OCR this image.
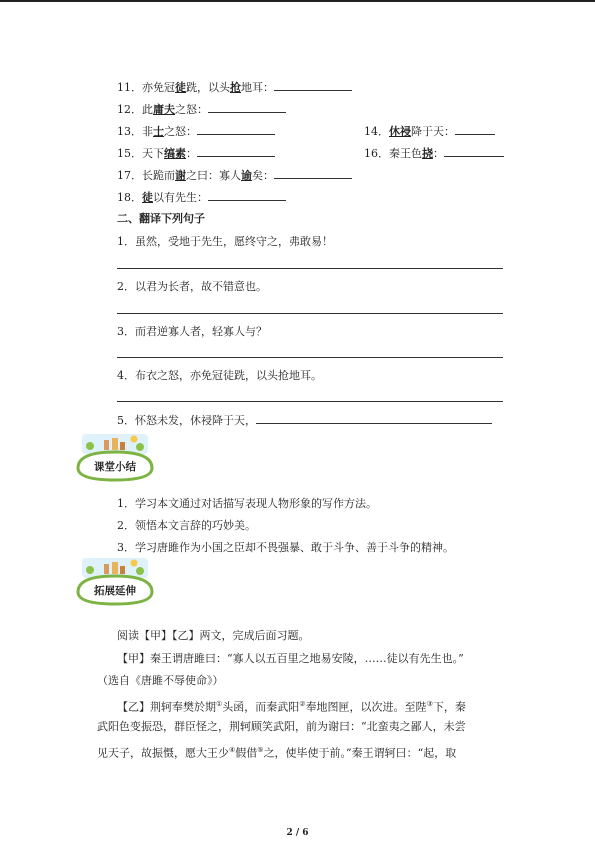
11．亦免冠徒跣，以头抢地耳：
12．此庸夫之怒：
13．非士之怒：	14．休祲降于天：
15．天下缟素：	16．秦王色挠：
17．长跪而谢之曰：寡人谕矣：
18．徒以有先生：
二、翻译下列句子
1．虽然，受地于先生，愿终守之，弗敢易！
2．以君为长者，故不错意也。
3．而君逆寡人者，轻寡人与？
4．布衣之怒，亦免冠徒跣，以头抢地耳。
5．怀怒未发，休祲降于天，
课堂小结
1．学习本文通过对话描写表现人物形象的写作方法。
2．领悟本文言辞的巧妙美。
3．学习唐雎作为小国之臣却不畏强暴、敢于斗争、善于斗争的精神。
拓展延伸
阅读【甲】【乙】两文，完成后面习题。
【甲】秦王谓唐雎曰：“寡人以五百里之地易安陵，……徒以有先生也。”
（选自《唐雎不辱使命》）
【乙】荆轲奉樊於期①头函，而秦武阳②奉地图匣，以次进。至陛③下，秦
武阳色变振恐，群臣怪之，荆轲顾笑武阳，前为谢曰：“北蛮夷之鄙人，未尝
见天子，故振慑，愿大王少④假借⑤之，使毕使于前。”秦王谓轲曰：“起，取
2 / 6
